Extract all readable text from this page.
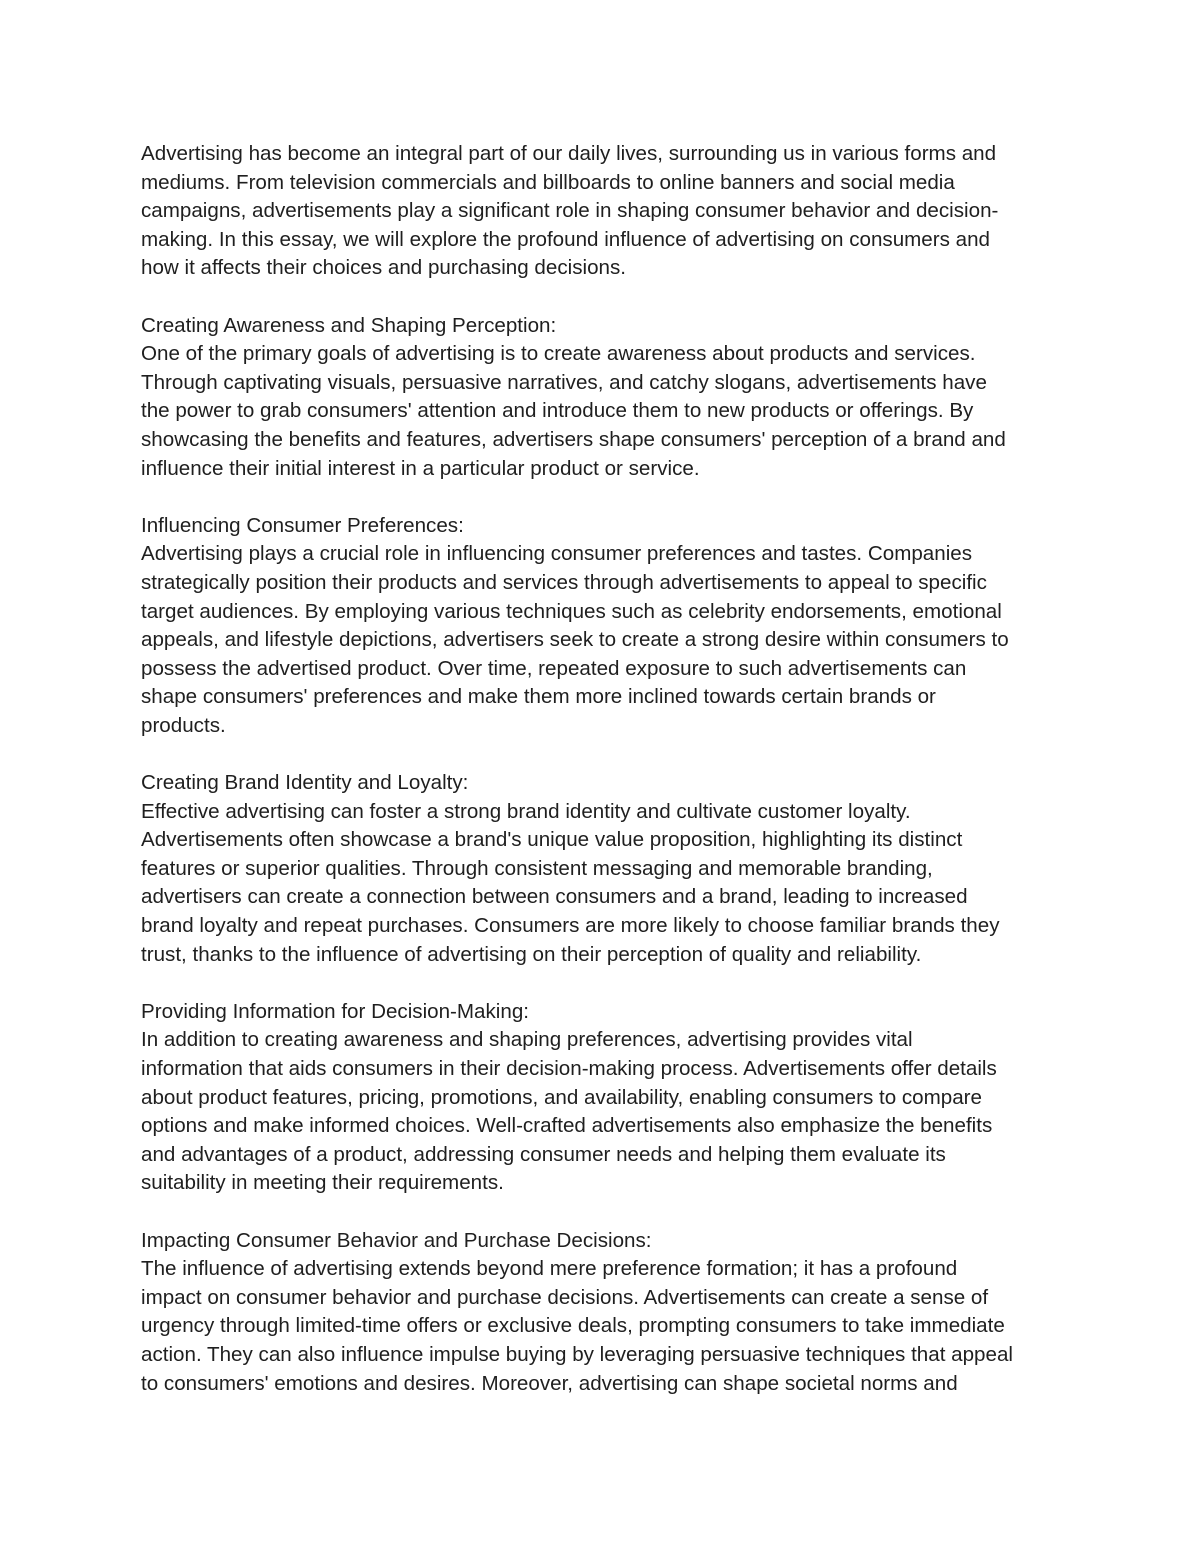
Advertising has become an integral part of our daily lives, surrounding us in various forms and
mediums. From television commercials and billboards to online banners and social media
campaigns, advertisements play a significant role in shaping consumer behavior and decision-
making. In this essay, we will explore the profound influence of advertising on consumers and
how it affects their choices and purchasing decisions.
Creating Awareness and Shaping Perception:
One of the primary goals of advertising is to create awareness about products and services.
Through captivating visuals, persuasive narratives, and catchy slogans, advertisements have
the power to grab consumers' attention and introduce them to new products or offerings. By
showcasing the benefits and features, advertisers shape consumers' perception of a brand and
influence their initial interest in a particular product or service.
Influencing Consumer Preferences:
Advertising plays a crucial role in influencing consumer preferences and tastes. Companies
strategically position their products and services through advertisements to appeal to specific
target audiences. By employing various techniques such as celebrity endorsements, emotional
appeals, and lifestyle depictions, advertisers seek to create a strong desire within consumers to
possess the advertised product. Over time, repeated exposure to such advertisements can
shape consumers' preferences and make them more inclined towards certain brands or
products.
Creating Brand Identity and Loyalty:
Effective advertising can foster a strong brand identity and cultivate customer loyalty.
Advertisements often showcase a brand's unique value proposition, highlighting its distinct
features or superior qualities. Through consistent messaging and memorable branding,
advertisers can create a connection between consumers and a brand, leading to increased
brand loyalty and repeat purchases. Consumers are more likely to choose familiar brands they
trust, thanks to the influence of advertising on their perception of quality and reliability.
Providing Information for Decision-Making:
In addition to creating awareness and shaping preferences, advertising provides vital
information that aids consumers in their decision-making process. Advertisements offer details
about product features, pricing, promotions, and availability, enabling consumers to compare
options and make informed choices. Well-crafted advertisements also emphasize the benefits
and advantages of a product, addressing consumer needs and helping them evaluate its
suitability in meeting their requirements.
Impacting Consumer Behavior and Purchase Decisions:
The influence of advertising extends beyond mere preference formation; it has a profound
impact on consumer behavior and purchase decisions. Advertisements can create a sense of
urgency through limited-time offers or exclusive deals, prompting consumers to take immediate
action. They can also influence impulse buying by leveraging persuasive techniques that appeal
to consumers' emotions and desires. Moreover, advertising can shape societal norms and
